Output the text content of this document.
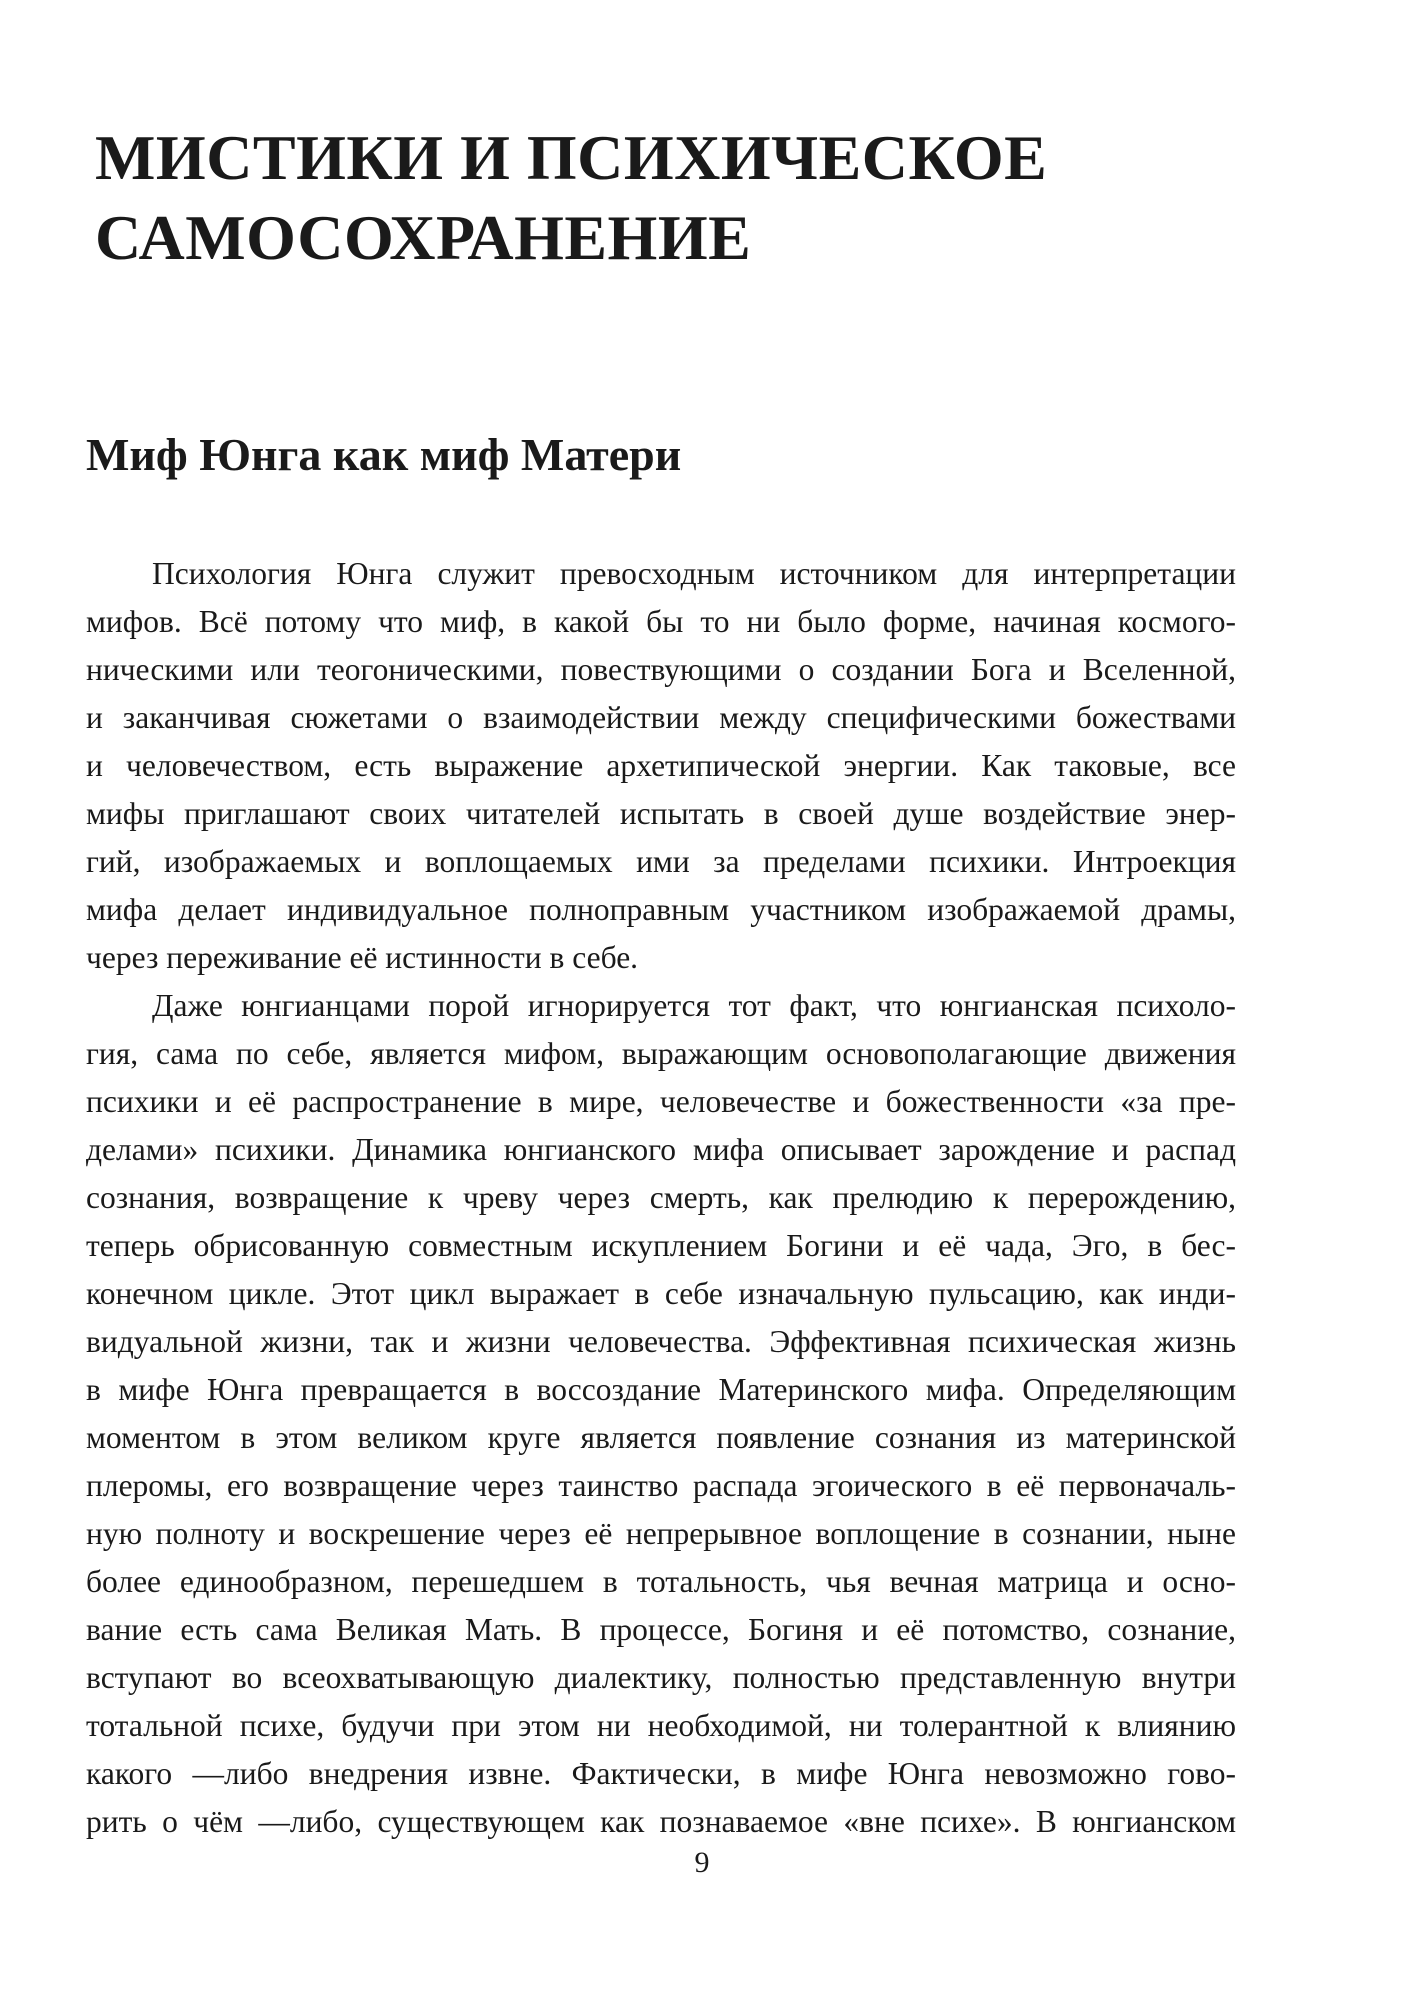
МИСТИКИ И ПСИХИЧЕСКОЕ
САМОСОХРАНЕНИЕ
Миф Юнга как миф Матери
Психология Юнга служит превосходным источником для интерпретации
мифов. Всё потому что миф, в какой бы то ни было форме, начиная космого-
ническими или теогоническими, повествующими о создании Бога и Вселенной,
и заканчивая сюжетами о взаимодействии между специфическими божествами
и человечеством, есть выражение архетипической энергии. Как таковые, все
мифы приглашают своих читателей испытать в своей душе воздействие энер-
гий, изображаемых и воплощаемых ими за пределами психики. Интроекция
мифа делает индивидуальное полноправным участником изображаемой драмы,
через переживание её истинности в себе.
Даже юнгианцами порой игнорируется тот факт, что юнгианская психоло-
гия, сама по себе, является мифом, выражающим основополагающие движения
психики и её распространение в мире, человечестве и божественности «за пре-
делами» психики. Динамика юнгианского мифа описывает зарождение и распад
сознания, возвращение к чреву через смерть, как прелюдию к перерождению,
теперь обрисованную совместным искуплением Богини и её чада, Эго, в бес-
конечном цикле. Этот цикл выражает в себе изначальную пульсацию, как инди-
видуальной жизни, так и жизни человечества. Эффективная психическая жизнь
в мифе Юнга превращается в воссоздание Материнского мифа. Определяющим
моментом в этом великом круге является появление сознания из материнской
плеромы, его возвращение через таинство распада эгоического в её первоначаль-
ную полноту и воскрешение через её непрерывное воплощение в сознании, ныне
более единообразном, перешедшем в тотальность, чья вечная матрица и осно-
вание есть сама Великая Мать. В процессе, Богиня и её потомство, сознание,
вступают во всеохватывающую диалектику, полностью представленную внутри
тотальной психе, будучи при этом ни необходимой, ни толерантной к влиянию
какого —либо внедрения извне. Фактически, в мифе Юнга невозможно гово-
рить о чём —либо, существующем как познаваемое «вне психе». В юнгианском
9
